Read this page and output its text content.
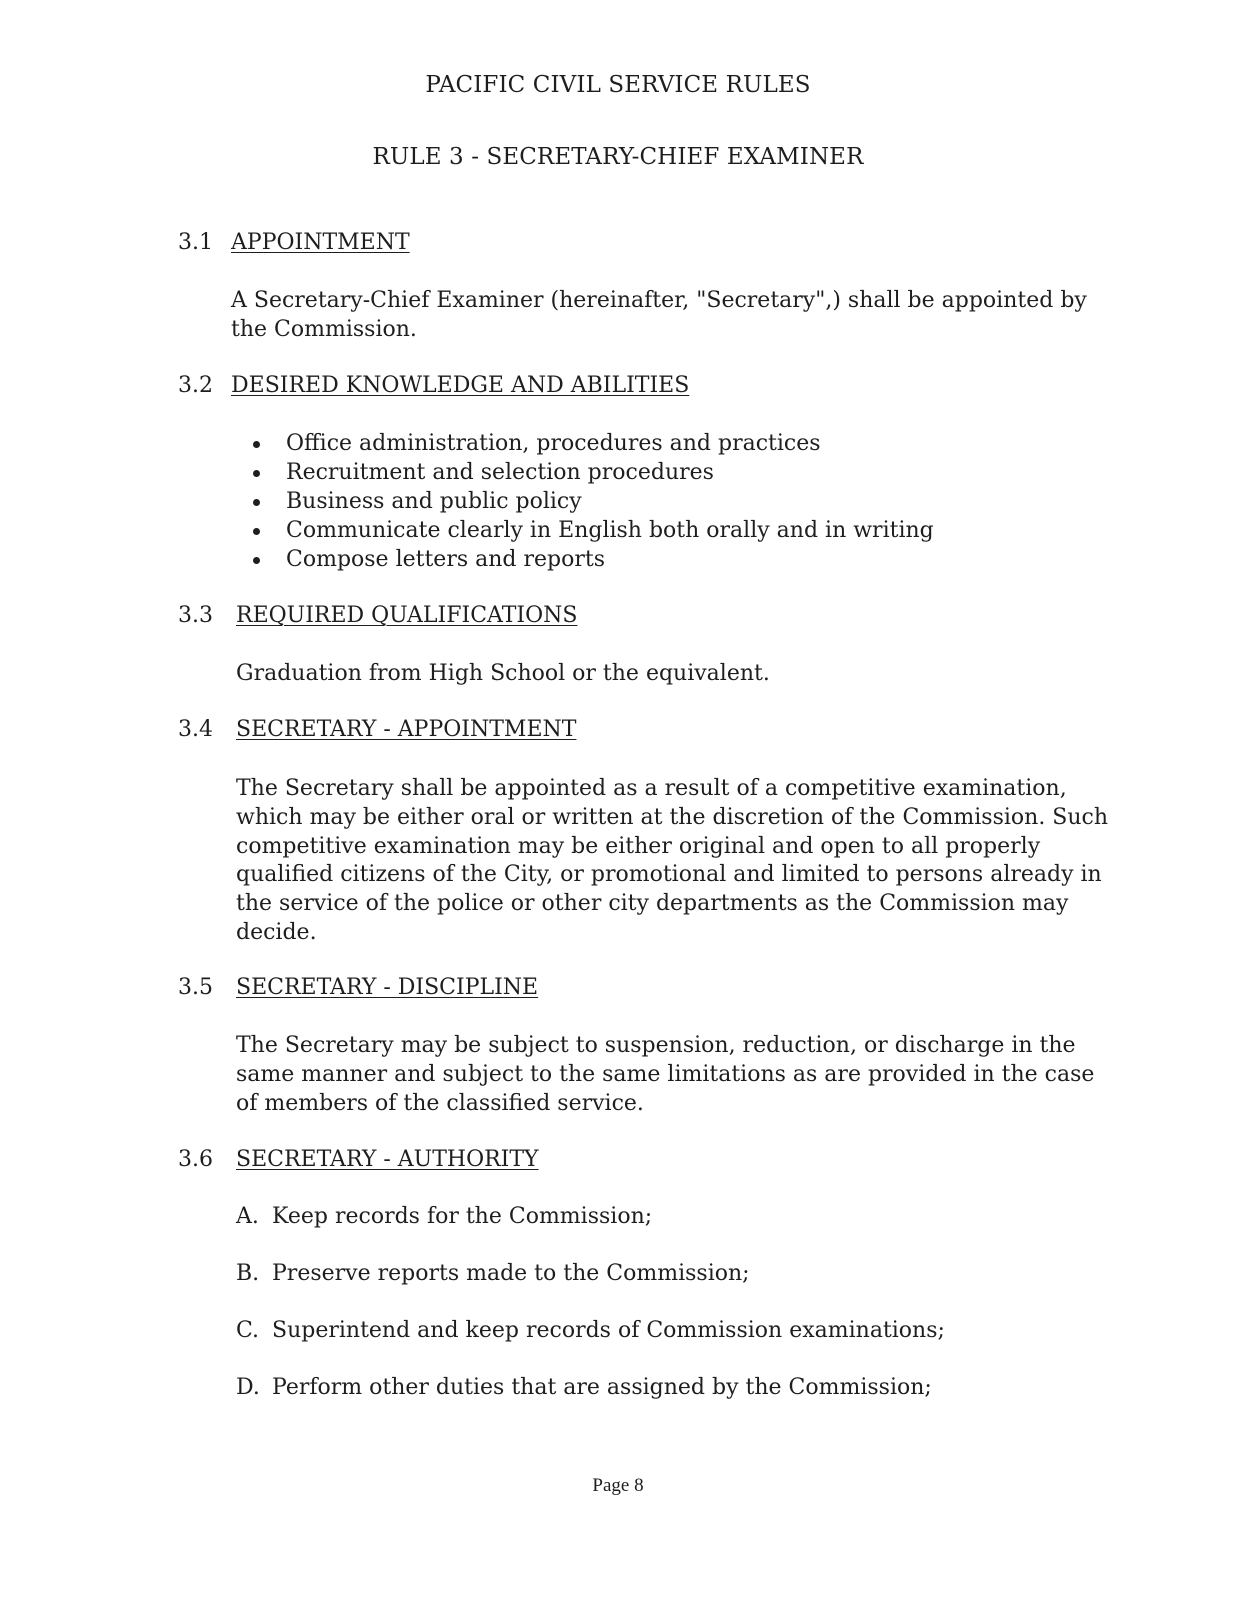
PACIFIC CIVIL SERVICE RULES
RULE 3 - SECRETARY-CHIEF EXAMINER
3.1 APPOINTMENT

A Secretary-Chief Examiner (hereinafter, "Secretary",) shall be appointed by the Commission.

3.2 DESIRED KNOWLEDGE AND ABILITIES
Office administration, procedures and practices
Recruitment and selection procedures
Business and public policy
Communicate clearly in English both orally and in writing
Compose letters and reports
3.3 REQUIRED QUALIFICATIONS

Graduation from High School or the equivalent.

3.4 SECRETARY - APPOINTMENT

The Secretary shall be appointed as a result of a competitive examination, which may be either oral or written at the discretion of the Commission. Such competitive examination may be either original and open to all properly qualified citizens of the City, or promotional and limited to persons already in the service of the police or other city departments as the Commission may decide.

3.5 SECRETARY - DISCIPLINE

The Secretary may be subject to suspension, reduction, or discharge in the same manner and subject to the same limitations as are provided in the case of members of the classified service.

3.6 SECRETARY - AUTHORITY
A. Keep records for the Commission;
B. Preserve reports made to the Commission;
C. Superintend and keep records of Commission examinations;
D. Perform other duties that are assigned by the Commission;
Page 8
